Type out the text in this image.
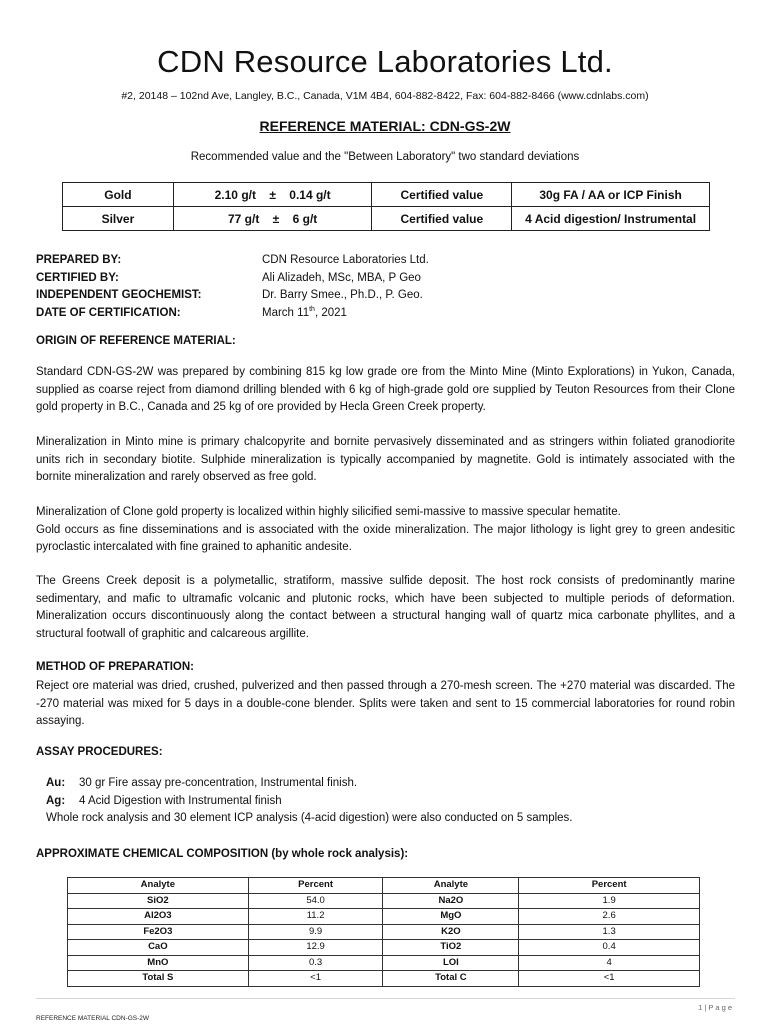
CDN Resource Laboratories Ltd.
#2, 20148 – 102nd Ave, Langley, B.C., Canada, V1M 4B4, 604-882-8422, Fax: 604-882-8466 (www.cdnlabs.com)
REFERENCE MATERIAL: CDN-GS-2W
Recommended value and the "Between Laboratory" two standard deviations
Gold	2.10 g/t ± 0.14 g/t	Certified value	30g FA / AA or ICP Finish
Silver	77 g/t ± 6 g/t	Certified value	4 Acid digestion/ Instrumental
PREPARED BY:	CDN Resource Laboratories Ltd.
CERTIFIED BY:	Ali Alizadeh, MSc, MBA, P Geo
INDEPENDENT GEOCHEMIST:	Dr. Barry Smee., Ph.D., P. Geo.
DATE OF CERTIFICATION:	March 11th, 2021
ORIGIN OF REFERENCE MATERIAL:
Standard CDN-GS-2W was prepared by combining 815 kg low grade ore from the Minto Mine (Minto Explorations) in Yukon, Canada, supplied as coarse reject from diamond drilling blended with 6 kg of high-grade gold ore supplied by Teuton Resources from their Clone gold property in B.C., Canada and 25 kg of ore provided by Hecla Green Creek property.
Mineralization in Minto mine is primary chalcopyrite and bornite pervasively disseminated and as stringers within foliated granodiorite units rich in secondary biotite. Sulphide mineralization is typically accompanied by magnetite. Gold is intimately associated with the bornite mineralization and rarely observed as free gold.

Mineralization of Clone gold property is localized within highly silicified semi-massive to massive specular hematite.

Gold occurs as fine disseminations and is associated with the oxide mineralization. The major lithology is light grey to green andesitic pyroclastic intercalated with fine grained to aphanitic andesite.

The Greens Creek deposit is a polymetallic, stratiform, massive sulfide deposit. The host rock consists of predominantly marine sedimentary, and mafic to ultramafic volcanic and plutonic rocks, which have been subjected to multiple periods of deformation. Mineralization occurs discontinuously along the contact between a structural hanging wall of quartz mica carbonate phyllites, and a structural footwall of graphitic and calcareous argillite.
METHOD OF PREPARATION:
Reject ore material was dried, crushed, pulverized and then passed through a 270-mesh screen. The +270 material was discarded. The -270 material was mixed for 5 days in a double-cone blender. Splits were taken and sent to 15 commercial laboratories for round robin assaying.
ASSAY PROCEDURES:
Au: 30 gr Fire assay pre-concentration, Instrumental finish.
Ag: 4 Acid Digestion with Instrumental finish
Whole rock analysis and 30 element ICP analysis (4-acid digestion) were also conducted on 5 samples.
APPROXIMATE CHEMICAL COMPOSITION (by whole rock analysis):
Analyte	Percent	Analyte	Percent
SiO2	54.0	Na2O	1.9
Al2O3	11.2	MgO	2.6
Fe2O3	9.9	K2O	1.3
CaO	12.9	TiO2	0.4
MnO	0.3	LOI	4
Total S	<1	Total C	<1
1 | P a g e
REFERENCE MATERIAL CDN-GS-2W
